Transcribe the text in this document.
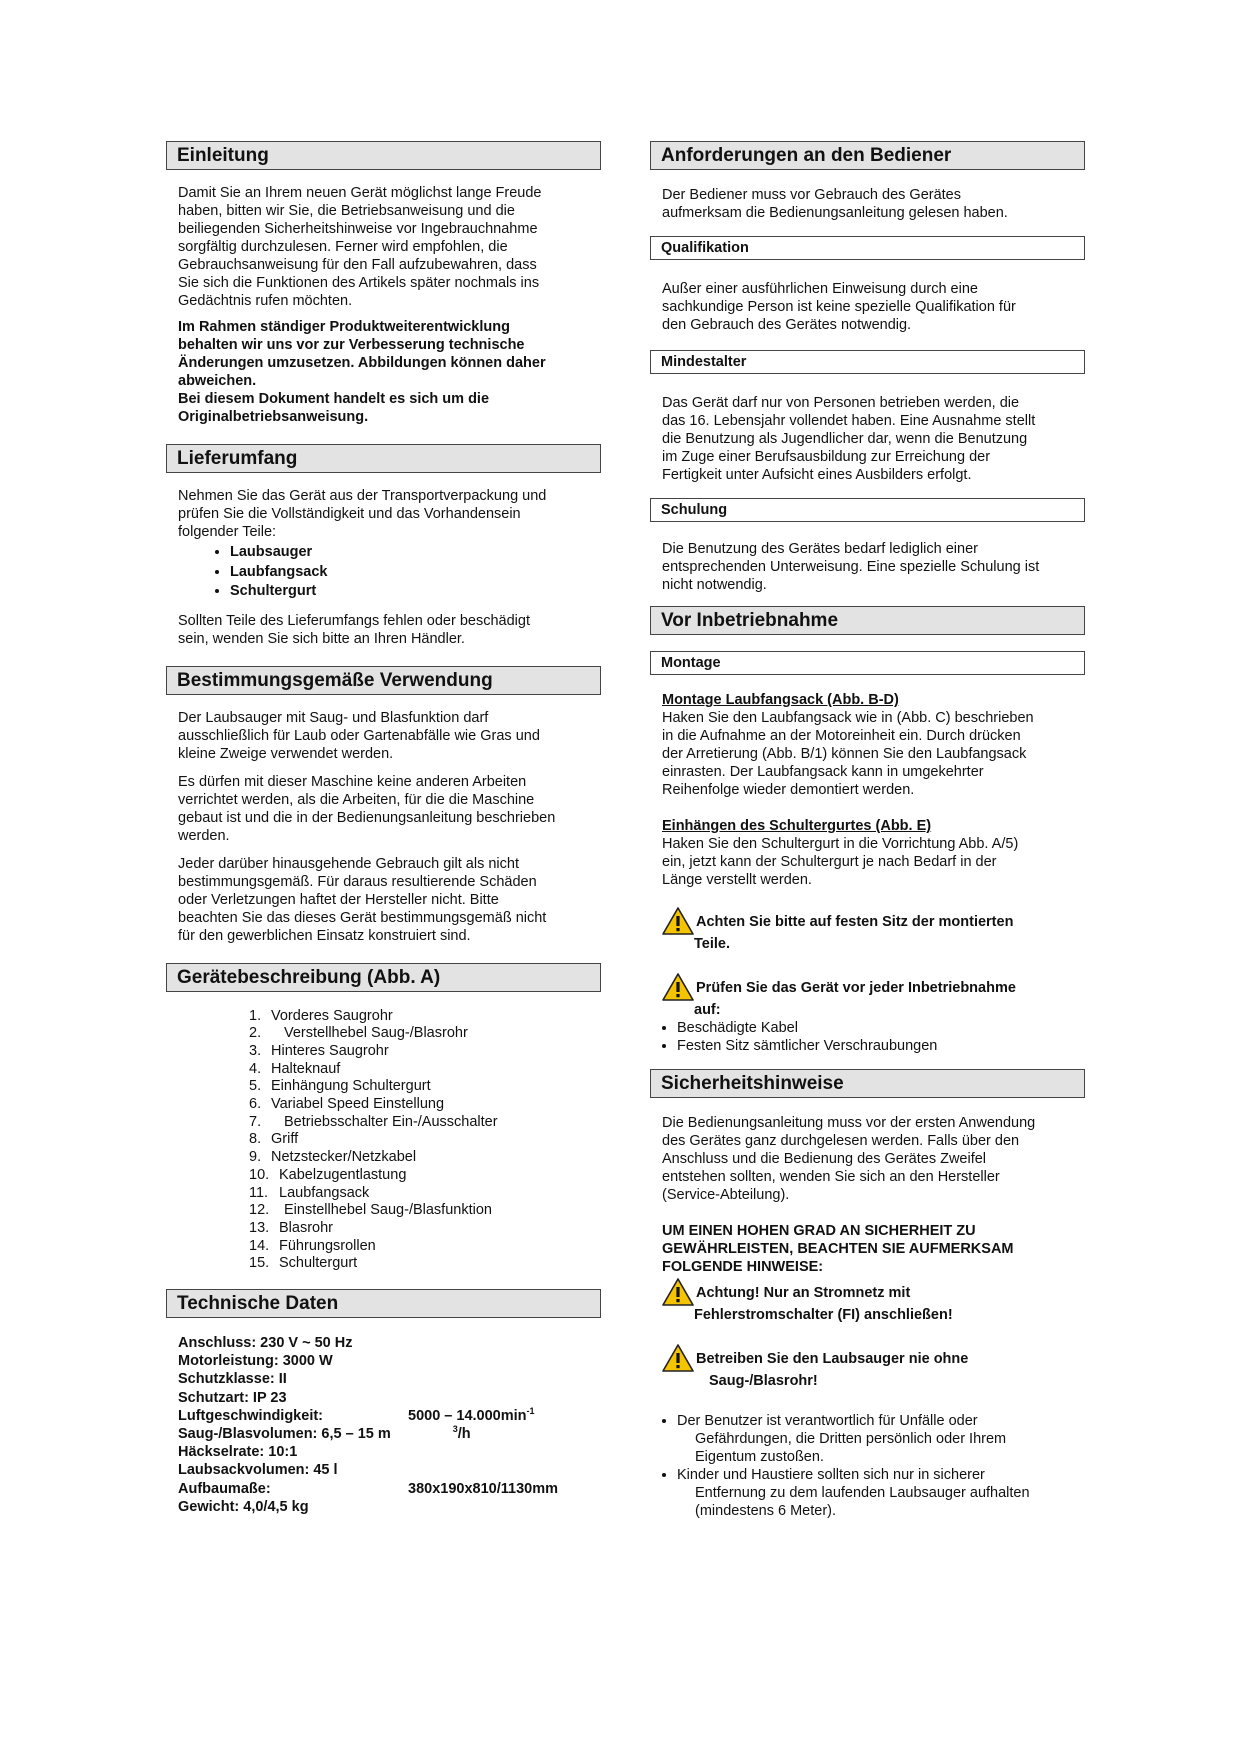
Einleitung

Damit Sie an Ihrem neuen Gerät möglichst lange Freude
haben, bitten wir Sie, die Betriebsanweisung und die
beiliegenden Sicherheitshinweise vor Ingebrauchnahme
sorgfältig durchzulesen. Ferner wird empfohlen, die
Gebrauchsanweisung für den Fall aufzubewahren, dass
Sie sich die Funktionen des Artikels später nochmals ins
Gedächtnis rufen möchten.

Im Rahmen ständiger Produktweiterentwicklung
behalten wir uns vor zur Verbesserung technische
Änderungen umzusetzen. Abbildungen können daher
abweichen.
Bei diesem Dokument handelt es sich um die
Originalbetriebsanweisung.

Lieferumfang

Nehmen Sie das Gerät aus der Transportverpackung und
prüfen Sie die Vollständigkeit und das Vorhandensein
folgender Teile:

• Laubsauger
• Laubfangsack
• Schultergurt

Sollten Teile des Lieferumfangs fehlen oder beschädigt
sein, wenden Sie sich bitte an Ihren Händler.

Bestimmungsgemäße Verwendung

Der Laubsauger mit Saug- und Blasfunktion darf
ausschließlich für Laub oder Gartenabfälle wie Gras und
kleine Zweige verwendet werden.

Es dürfen mit dieser Maschine keine anderen Arbeiten
verrichtet werden, als die Arbeiten, für die die Maschine
gebaut ist und die in der Bedienungsanleitung beschrieben
werden.

Jeder darüber hinausgehende Gebrauch gilt als nicht
bestimmungsgemäß. Für daraus resultierende Schäden
oder Verletzungen haftet der Hersteller nicht. Bitte
beachten Sie das dieses Gerät bestimmungsgemäß nicht
für den gewerblichen Einsatz konstruiert sind.

Gerätebeschreibung (Abb. A)
1. Vorderes Saugrohr
2.	Verstellhebel Saug-/Blasrohr
3. Hinteres Saugrohr
4. Halteknauf
5. Einhängung Schultergurt
6. Variabel Speed Einstellung
7.	Betriebsschalter Ein-/Ausschalter
8. Griff
9. Netzstecker/Netzkabel
10. Kabelzugentlastung
11. Laubfangsack
12.	Einstellhebel Saug-/Blasfunktion
13. Blasrohr
14. Führungsrollen
15. Schultergurt
Technische Daten
Anschluss: 230 V ~ 50 Hz
Motorleistung: 3000 W
Schutzklasse: II
Schutzart: IP 23
Luftgeschwindigkeit:	$5000 - 14.000\min^{-1}$
Saug-/Blasvolumen: 6,5 – 15 m	$^3$/h
Häckselrate: 10:1
Laubsackvolumen: 45 l
Aufbaumaße:	380x190x810/1130mm
Gewicht: 4,0/4,5 kg
Anforderungen an den Bediener

Der Bediener muss vor Gebrauch des Gerätes
aufmerksam die Bedienungsanleitung gelesen haben.

Qualifikation

Außer einer ausführlichen Einweisung durch eine
sachkundige Person ist keine spezielle Qualifikation für
den Gebrauch des Gerätes notwendig.

Mindestalter

Das Gerät darf nur von Personen betrieben werden, die
das 16. Lebensjahr vollendet haben. Eine Ausnahme stellt
die Benutzung als Jugendlicher dar, wenn die Benutzung
im Zuge einer Berufsausbildung zur Erreichung der
Fertigkeit unter Aufsicht eines Ausbilders erfolgt.

Schulung

Die Benutzung des Gerätes bedarf lediglich einer
entsprechenden Unterweisung. Eine spezielle Schulung ist
nicht notwendig.

Vor Inbetriebnahme
Montage

Montage Laubfangsack (Abb. B-D)
Haken Sie den Laubfangsack wie in (Abb. C) beschrieben
in die Aufnahme an der Motoreinheit ein. Durch drücken
der Arretierung (Abb. B/1) können Sie den Laubfangsack
einrasten. Der Laubfangsack kann in umgekehrter
Reihenfolge wieder demontiert werden.

Einhängen des Schultergurtes (Abb. E)
Haken Sie den Schultergurt in die Vorrichtung Abb. A/5)
ein, jetzt kann der Schultergurt je nach Bedarf in der
Länge verstellt werden.

Achten Sie bitte auf festen Sitz der montierten
Teile.
Prüfen Sie das Gerät vor jeder Inbetriebnahme
auf:
• Beschädigte Kabel
• Festen Sitz sämtlicher Verschraubungen
Sicherheitshinweise

Die Bedienungsanleitung muss vor der ersten Anwendung
des Gerätes ganz durchgelesen werden. Falls über den
Anschluss und die Bedienung des Gerätes Zweifel
entstehen sollten, wenden Sie sich an den Hersteller
(Service-Abteilung).

UM EINEN HOHEN GRAD AN SICHERHEIT ZU
GEWÄHRLEISTEN, BEACHTEN SIE AUFMERKSAM
FOLGENDE HINWEISE:

Achtung! Nur an Stromnetz mit
Fehlerstromschalter (FI) anschließen!
Betreiben Sie den Laubsauger nie ohne
Saug-/Blasrohr!
• Der Benutzer ist verantwortlich für Unfälle oder
Gefährdungen, die Dritten persönlich oder Ihrem
Eigentum zustoßen.
• Kinder und Haustiere sollten sich nur in sicherer
Entfernung zu dem laufenden Laubsauger aufhalten
(mindestens 6 Meter).
